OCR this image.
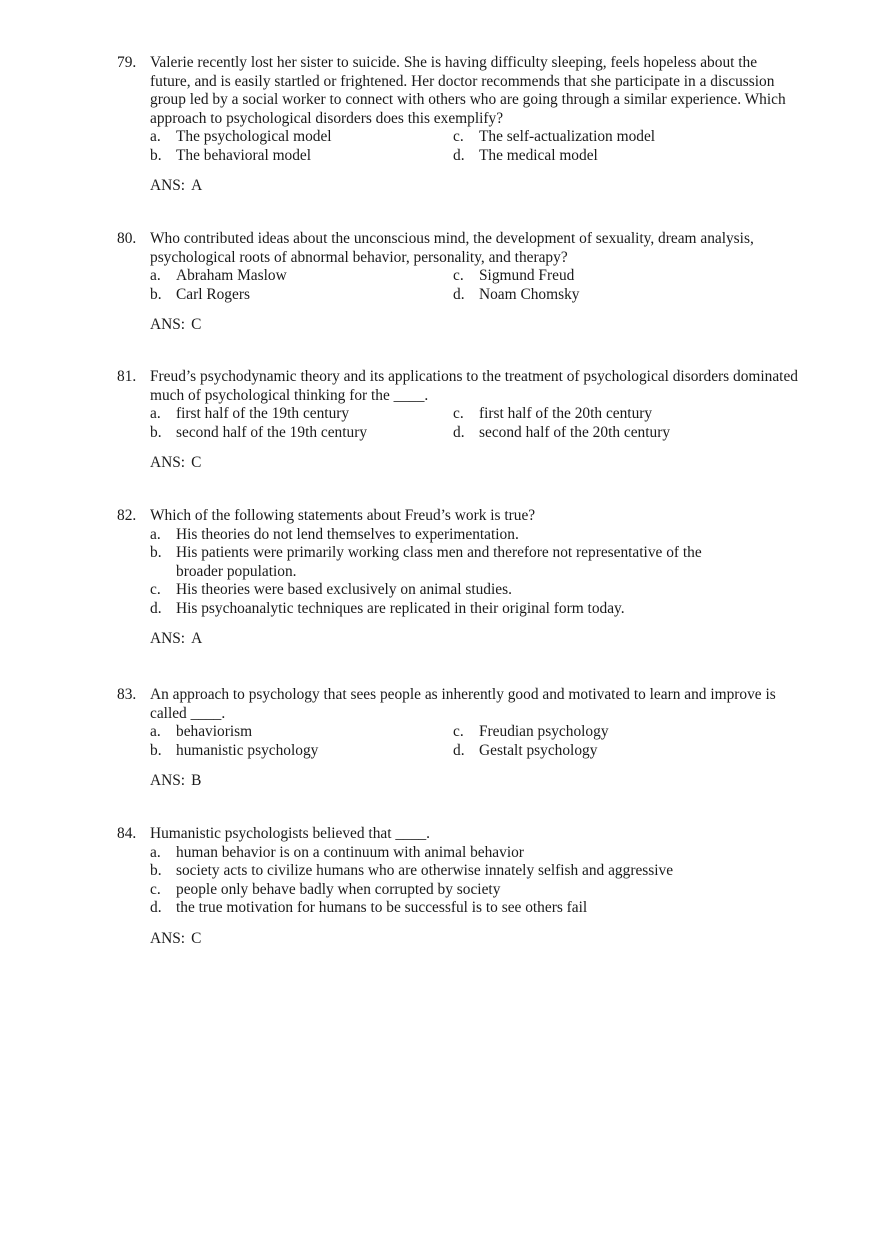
79. Valerie recently lost her sister to suicide. She is having difficulty sleeping, feels hopeless about the future, and is easily startled or frightened. Her doctor recommends that she participate in a discussion group led by a social worker to connect with others who are going through a similar experience. Which approach to psychological disorders does this exemplify?
a. The psychological model	c. The self-actualization model
b. The behavioral model	d. The medical model
ANS: A
80. Who contributed ideas about the unconscious mind, the development of sexuality, dream analysis, psychological roots of abnormal behavior, personality, and therapy?
a. Abraham Maslow	c. Sigmund Freud
b. Carl Rogers	d. Noam Chomsky
ANS: C
81. Freud’s psychodynamic theory and its applications to the treatment of psychological disorders dominated much of psychological thinking for the ____.
a. first half of the 19th century	c. first half of the 20th century
b. second half of the 19th century	d. second half of the 20th century
ANS: C
82. Which of the following statements about Freud’s work is true?
a. His theories do not lend themselves to experimentation.
b. His patients were primarily working class men and therefore not representative of the broader population.
c. His theories were based exclusively on animal studies.
d. His psychoanalytic techniques are replicated in their original form today.
ANS: A
83. An approach to psychology that sees people as inherently good and motivated to learn and improve is called ____.
a. behaviorism	c. Freudian psychology
b. humanistic psychology	d. Gestalt psychology
ANS: B
84. Humanistic psychologists believed that ____.
a. human behavior is on a continuum with animal behavior
b. society acts to civilize humans who are otherwise innately selfish and aggressive
c. people only behave badly when corrupted by society
d. the true motivation for humans to be successful is to see others fail
ANS: C
